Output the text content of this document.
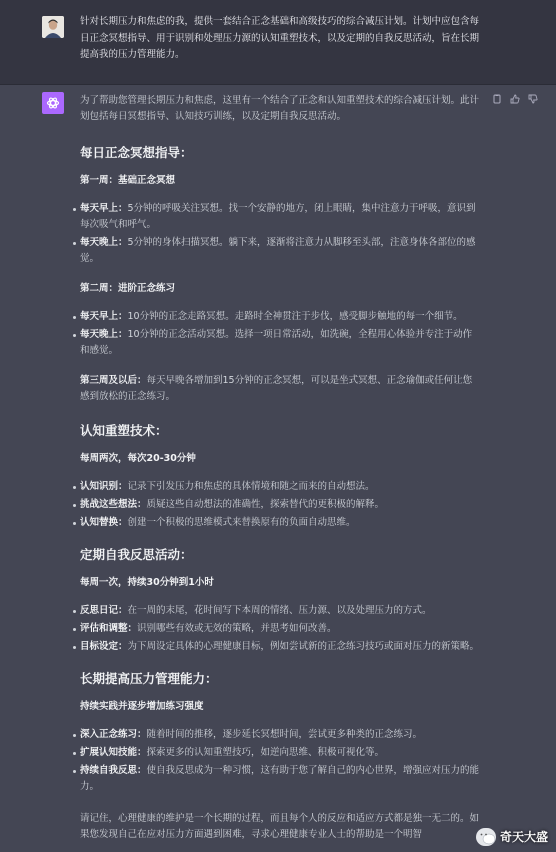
针对长期压力和焦虑的我，提供一套结合正念基础和高级技巧的综合减压计划。计划中应包含每日正念冥想指导、用于识别和处理压力源的认知重塑技术，以及定期的自我反思活动，旨在长期提高我的压力管理能力。

为了帮助您管理长期压力和焦虑，这里有一个结合了正念和认知重塑技术的综合减压计划。此计划包括每日冥想指导、认知技巧训练，以及定期自我反思活动。

每日正念冥想指导：
第一周：基础正念冥想
每天早上：5分钟的呼吸关注冥想。找一个安静的地方，闭上眼睛，集中注意力于呼吸，意识到每次吸气和呼气。
每天晚上：5分钟的身体扫描冥想。躺下来，逐渐将注意力从脚移至头部，注意身体各部位的感觉。
第二周：进阶正念练习
每天早上：10分钟的正念走路冥想。走路时全神贯注于步伐，感受脚步触地的每一个细节。
每天晚上：10分钟的正念活动冥想。选择一项日常活动，如洗碗，全程用心体验并专注于动作和感觉。

第三周及以后：每天早晚各增加到15分钟的正念冥想，可以是坐式冥想、正念瑜伽或任何让您感到放松的正念练习。

认知重塑技术：
每周两次，每次20-30分钟
认知识别：记录下引发压力和焦虑的具体情境和随之而来的自动想法。
挑战这些想法：质疑这些自动想法的准确性，探索替代的更积极的解释。
认知替换：创建一个积极的思维模式来替换原有的负面自动思维。
定期自我反思活动：
每周一次，持续30分钟到1小时
反思日记：在一周的末尾，花时间写下本周的情绪、压力源、以及处理压力的方式。
评估和调整：识别哪些有效或无效的策略，并思考如何改善。
目标设定：为下周设定具体的心理健康目标，例如尝试新的正念练习技巧或面对压力的新策略。
长期提高压力管理能力：
持续实践并逐步增加练习强度
深入正念练习：随着时间的推移，逐步延长冥想时间，尝试更多种类的正念练习。
扩展认知技能：探索更多的认知重塑技巧，如逆向思维、积极可视化等。
持续自我反思：使自我反思成为一种习惯，这有助于您了解自己的内心世界，增强应对压力的能力。

请记住，心理健康的维护是一个长期的过程，而且每个人的反应和适应方式都是独一无二的。如果您发现自己在应对压力方面遇到困难，寻求心理健康专业人士的帮助是一个明智	奇天大盛
